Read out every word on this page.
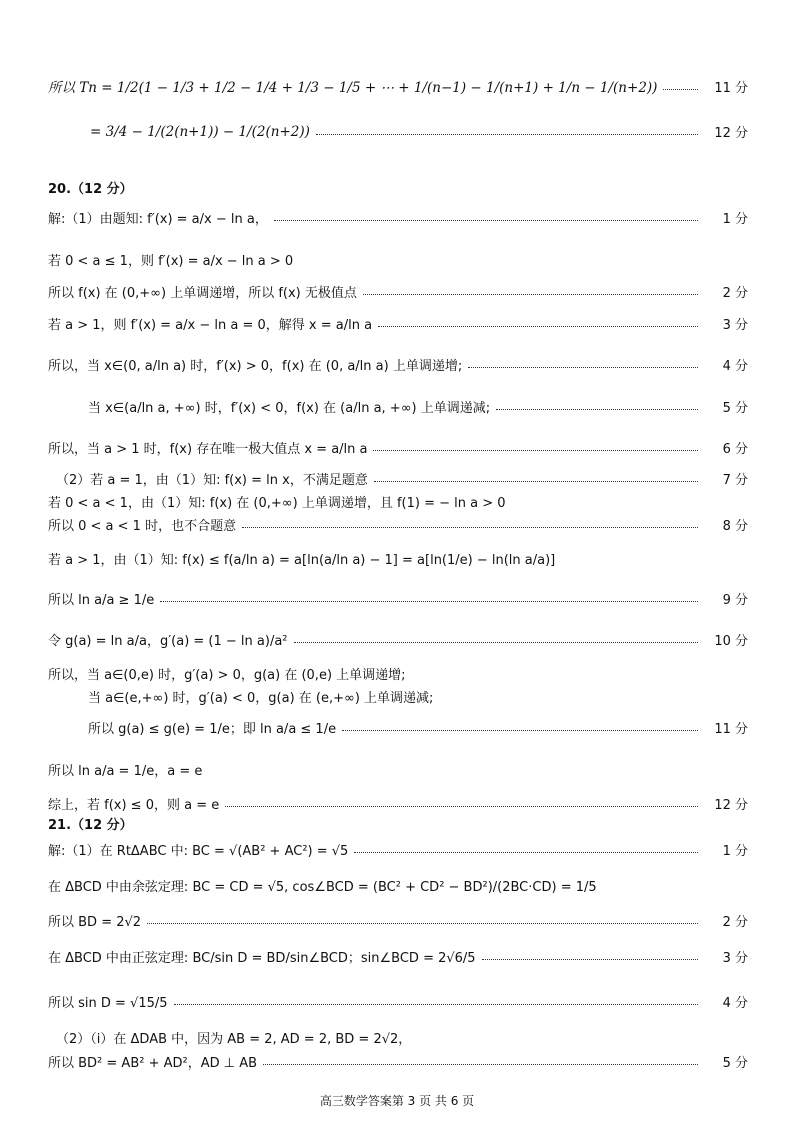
所以 Tn = 1/2(1 − 1/3 + 1/2 − 1/4 + 1/3 − 1/5 + ⋯ + 1/(n−1) − 1/(n+1) + 1/n − 1/(n+2))	11 分
= 3/4 − 1/(2(n+1)) − 1/(2(n+2))	12 分
20.（12 分）
解:（1）由题知: f′(x) = a/x − ln a，	1 分
若 0 < a ≤ 1，则 f′(x) = a/x − ln a > 0
所以 f(x) 在 (0,+∞) 上单调递增，所以 f(x) 无极值点	2 分
若 a > 1，则 f′(x) = a/x − ln a = 0，解得 x = a/ln a	3 分
所以，当 x∈(0, a/ln a) 时，f′(x) > 0，f(x) 在 (0, a/ln a) 上单调递增;	4 分
当 x∈(a/ln a, +∞) 时，f′(x) < 0，f(x) 在 (a/ln a, +∞) 上单调递减;	5 分
所以，当 a > 1 时，f(x) 存在唯一极大值点 x = a/ln a	6 分
（2）若 a = 1，由（1）知: f(x) = ln x，不满足题意	7 分
若 0 < a < 1，由（1）知: f(x) 在 (0,+∞) 上单调递增，且 f(1) = − ln a > 0
所以 0 < a < 1 时，也不合题意	8 分
若 a > 1，由（1）知: f(x) ≤ f(a/ln a) = a[ln(a/ln a) − 1] = a[ln(1/e) − ln(ln a/a)]
所以 ln a/a ≥ 1/e	9 分
令 g(a) = ln a/a，g′(a) = (1 − ln a)/a²	10 分
所以，当 a∈(0,e) 时，g′(a) > 0，g(a) 在 (0,e) 上单调递增;
当 a∈(e,+∞) 时，g′(a) < 0，g(a) 在 (e,+∞) 上单调递减;
所以 g(a) ≤ g(e) = 1/e；即 ln a/a ≤ 1/e	11 分
所以 ln a/a = 1/e，a = e
综上，若 f(x) ≤ 0，则 a = e	12 分
21.（12 分）
解:（1）在 RtΔABC 中: BC = √(AB² + AC²) = √5	1 分
在 ΔBCD 中由余弦定理: BC = CD = √5, cos∠BCD = (BC² + CD² − BD²)/(2BC·CD) = 1/5
所以 BD = 2√2	2 分
在 ΔBCD 中由正弦定理: BC/sin D = BD/sin∠BCD；sin∠BCD = 2√6/5	3 分
所以 sin D = √15/5	4 分
（2）（ⅰ）在 ΔDAB 中，因为 AB = 2, AD = 2, BD = 2√2，
所以 BD² = AB² + AD²，AD ⊥ AB	5 分
高三数学答案第 3 页 共 6 页
